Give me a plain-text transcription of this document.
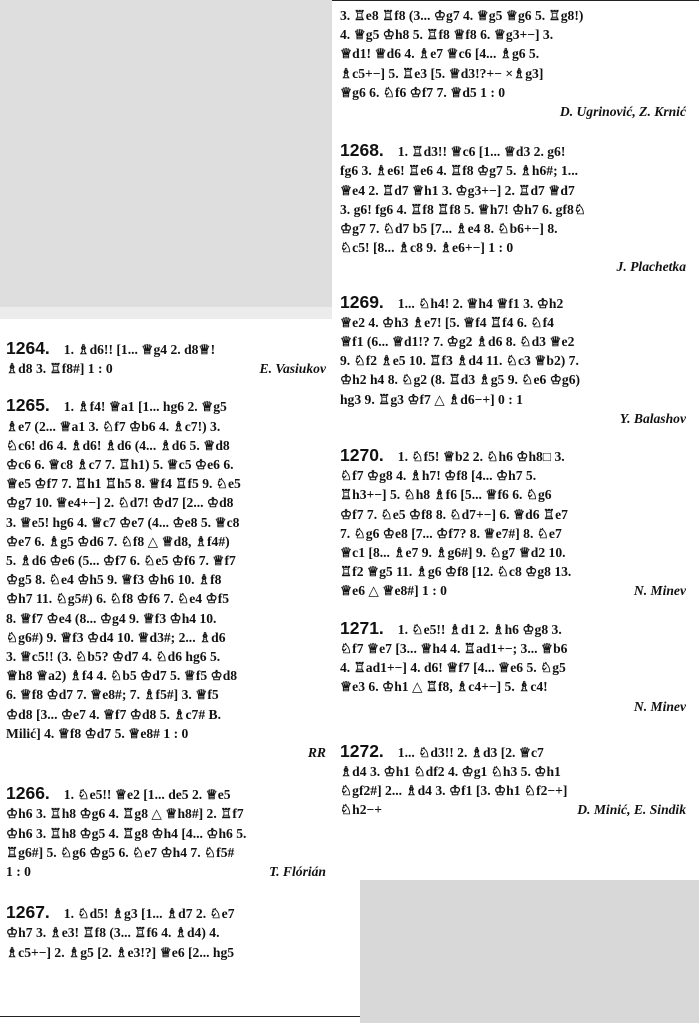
3. ♖e8 ♖f8 (3... ♔g7 4. ♕g5 ♕g6 5. ♖g8!)
4. ♕g5 ♔h8 5. ♖f8 ♕f8 6. ♕g3+−] 3.
♕d1! ♕d6 4. ♗e7 ♕c6 [4... ♗g6 5.
♗c5+−] 5. ♖e3 [5. ♕d3!?+− ×♗g3]
♕g6 6. ♘f6 ♔f7 7. ♕d5 1 : 0
D. Ugrinović, Z. Krnić
1268. 1. ♖d3!! ♕c6 [1... ♕d3 2. g6!
fg6 3. ♗e6! ♖e6 4. ♖f8 ♔g7 5. ♗h6#; 1...
♕e4 2. ♖d7 ♕h1 3. ♔g3+−] 2. ♖d7 ♕d7
3. g6! fg6 4. ♖f8 ♖f8 5. ♕h7! ♔h7 6. gf8♘
♔g7 7. ♘d7 b5 [7... ♗e4 8. ♘b6+−] 8.
♘c5! [8... ♗c8 9. ♗e6+−] 1 : 0
J. Plachetka
1269. 1... ♘h4! 2. ♕h4 ♕f1 3. ♔h2
♕e2 4. ♔h3 ♗e7! [5. ♕f4 ♖f4 6. ♘f4
♕f1 (6... ♕d1!? 7. ♔g2 ♗d6 8. ♘d3 ♕e2
9. ♘f2 ♗e5 10. ♖f3 ♗d4 11. ♘c3 ♕b2) 7.
♔h2 h4 8. ♘g2 (8. ♖d3 ♗g5 9. ♘e6 ♔g6)
hg3 9. ♖g3 ♔f7 △ ♗d6−+] 0 : 1
Y. Balashov
1270. 1. ♘f5! ♕b2 2. ♘h6 ♔h8□ 3.
♘f7 ♔g8 4. ♗h7! ♔f8 [4... ♔h7 5.
♖h3+−] 5. ♘h8 ♗f6 [5... ♕f6 6. ♘g6
♔f7 7. ♘e5 ♔f8 8. ♘d7+−] 6. ♕d6 ♖e7
7. ♘g6 ♔e8 [7... ♔f7? 8. ♕e7#] 8. ♘e7
♕c1 [8... ♗e7 9. ♗g6#] 9. ♘g7 ♕d2 10.
♖f2 ♕g5 11. ♗g6 ♔f8 [12. ♘c8 ♔g8 13.
♕e6 △ ♕e8#] 1 : 0	N. Minev
1271. 1. ♘e5!! ♗d1 2. ♗h6 ♔g8 3.
♘f7 ♕e7 [3... ♕h4 4. ♖ad1+−; 3... ♕b6
4. ♖ad1+−] 4. d6! ♕f7 [4... ♕e6 5. ♘g5
♕e3 6. ♔h1 △ ♖f8, ♗c4+−] 5. ♗c4!
N. Minev
1272. 1... ♘d3!! 2. ♗d3 [2. ♕c7
♗d4 3. ♔h1 ♘df2 4. ♔g1 ♘h3 5. ♔h1
♘gf2#] 2... ♗d4 3. ♔f1 [3. ♔h1 ♘f2−+]
♘h2−+	D. Minić, E. Sindik
1264. 1. ♗d6!! [1... ♕g4 2. d8♕!
♗d8 3. ♖f8#] 1 : 0	E. Vasiukov
1265. 1. ♗f4! ♕a1 [1... hg6 2. ♕g5
♗e7 (2... ♕a1 3. ♘f7 ♔b6 4. ♗c7!) 3.
♘c6! d6 4. ♗d6! ♗d6 (4... ♗d6 5. ♕d8
♔c6 6. ♕c8 ♗c7 7. ♖h1) 5. ♕c5 ♔e6 6.
♕e5 ♔f7 7. ♖h1 ♖h5 8. ♕f4 ♖f5 9. ♘e5
♔g7 10. ♕e4+−] 2. ♘d7! ♔d7 [2... ♔d8
3. ♕e5! hg6 4. ♕c7 ♔e7 (4... ♔e8 5. ♕c8
♔e7 6. ♗g5 ♔d6 7. ♘f8 △ ♕d8, ♗f4#)
5. ♗d6 ♔e6 (5... ♔f7 6. ♘e5 ♔f6 7. ♕f7
♔g5 8. ♘e4 ♔h5 9. ♕f3 ♔h6 10. ♗f8
♔h7 11. ♘g5#) 6. ♘f8 ♔f6 7. ♘e4 ♔f5
8. ♕f7 ♔e4 (8... ♔g4 9. ♕f3 ♔h4 10.
♘g6#) 9. ♕f3 ♔d4 10. ♕d3#; 2... ♗d6
3. ♕c5!! (3. ♘b5? ♔d7 4. ♘d6 hg6 5.
♕h8 ♕a2) ♗f4 4. ♘b5 ♔d7 5. ♕f5 ♔d8
6. ♕f8 ♔d7 7. ♕e8#; 7. ♗f5#] 3. ♕f5
♔d8 [3... ♔e7 4. ♕f7 ♔d8 5. ♗c7# B.
Milić] 4. ♕f8 ♔d7 5. ♕e8# 1 : 0
RR
1266. 1. ♘e5!! ♕e2 [1... de5 2. ♕e5
♔h6 3. ♖h8 ♔g6 4. ♖g8 △ ♕h8#] 2. ♖f7
♔h6 3. ♖h8 ♔g5 4. ♖g8 ♔h4 [4... ♔h6 5.
♖g6#] 5. ♘g6 ♔g5 6. ♘e7 ♔h4 7. ♘f5#
1 : 0	T. Flórián
1267. 1. ♘d5! ♗g3 [1... ♗d7 2. ♘e7
♔h7 3. ♗e3! ♖f8 (3... ♖f6 4. ♗d4) 4.
♗c5+−] 2. ♗g5 [2. ♗e3!?] ♕e6 [2... hg5
